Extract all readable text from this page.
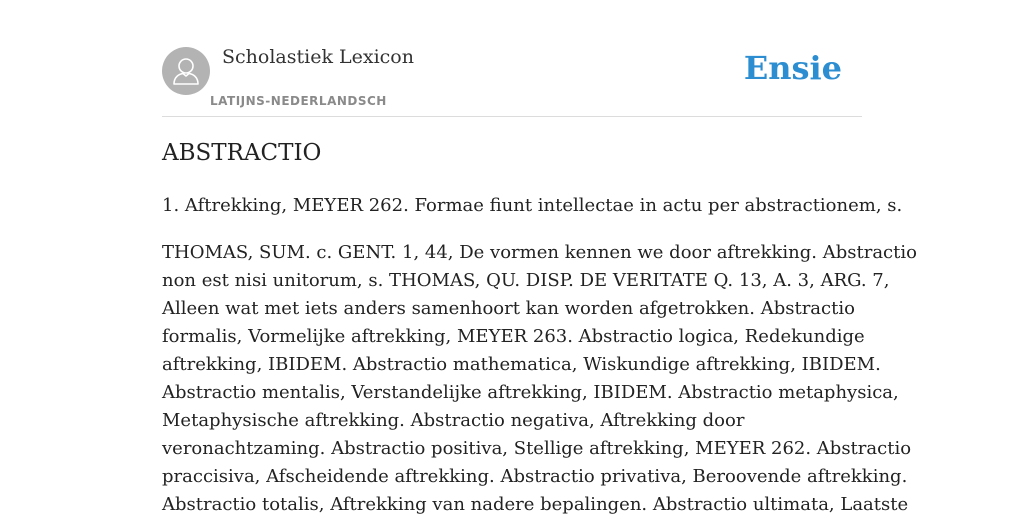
Scholastiek Lexicon
LATIJNS-NEDERLANDSCH
Ensie
ABSTRACTIO

1. Aftrekking, MEYER 262. Formae fiunt intellectae in actu per abstractionem, s.

THOMAS, SUM. c. GENT. 1, 44, De vormen kennen we door aftrekking. Abstractio
non est nisi unitorum, s. THOMAS, QU. DISP. DE VERITATE Q. 13, A. 3, ARG. 7,
Alleen wat met iets anders samenhoort kan worden afgetrokken. Abstractio
formalis, Vormelijke aftrekking, MEYER 263. Abstractio logica, Redekundige
aftrekking, IBIDEM. Abstractio mathematica, Wiskundige aftrekking, IBIDEM.
Abstractio mentalis, Verstandelijke aftrekking, IBIDEM. Abstractio metaphysica,
Metaphysische aftrekking. Abstractio negativa, Aftrekking door
veronachtzaming. Abstractio positiva, Stellige aftrekking, MEYER 262. Abstractio
praccisiva, Afscheidende aftrekking. Abstractio privativa, Beroovende aftrekking.
Abstractio totalis, Aftrekking van nadere bepalingen. Abstractio ultimata, Laatste
